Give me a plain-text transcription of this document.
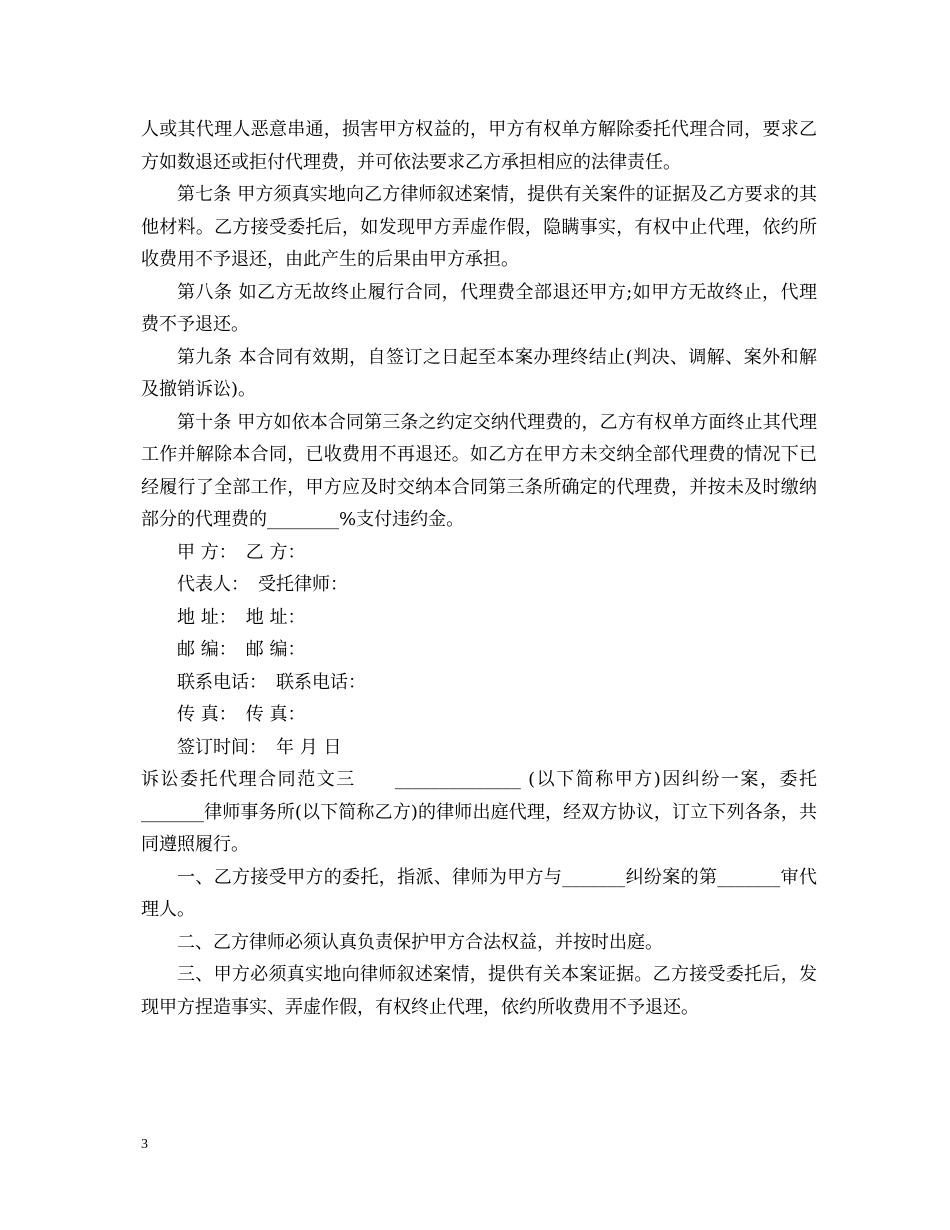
人或其代理人恶意串通，损害甲方权益的，甲方有权单方解除委托代理合同，要求乙方如数退还或拒付代理费，并可依法要求乙方承担相应的法律责任。

第七条 甲方须真实地向乙方律师叙述案情，提供有关案件的证据及乙方要求的其他材料。乙方接受委托后，如发现甲方弄虚作假，隐瞒事实，有权中止代理，依约所收费用不予退还，由此产生的后果由甲方承担。

第八条 如乙方无故终止履行合同，代理费全部退还甲方;如甲方无故终止，代理费不予退还。

第九条 本合同有效期，自签订之日起至本案办理终结止(判决、调解、案外和解及撤销诉讼)。

第十条 甲方如依本合同第三条之约定交纳代理费的，乙方有权单方面终止其代理工作并解除本合同，已收费用不再退还。如乙方在甲方未交纳全部代理费的情况下已经履行了全部工作，甲方应及时交纳本合同第三条所确定的代理费，并按未及时缴纳部分的代理费的________%支付违约金。

甲 方：　乙 方：

代表人：　受托律师：

地 址：　地 址：

邮 编：　邮 编：

联系电话：　联系电话：

传 真：　传 真：

签订时间：　年 月 日

诉讼委托代理合同范文三　　______________ (以下简称甲方)因纠纷一案，委托_______律师事务所(以下简称乙方)的律师出庭代理，经双方协议，订立下列各条，共同遵照履行。

一、乙方接受甲方的委托，指派、律师为甲方与_______纠纷案的第_______审代理人。

二、乙方律师必须认真负责保护甲方合法权益，并按时出庭。

三、甲方必须真实地向律师叙述案情，提供有关本案证据。乙方接受委托后，发现甲方捏造事实、弄虚作假，有权终止代理，依约所收费用不予退还。

3
